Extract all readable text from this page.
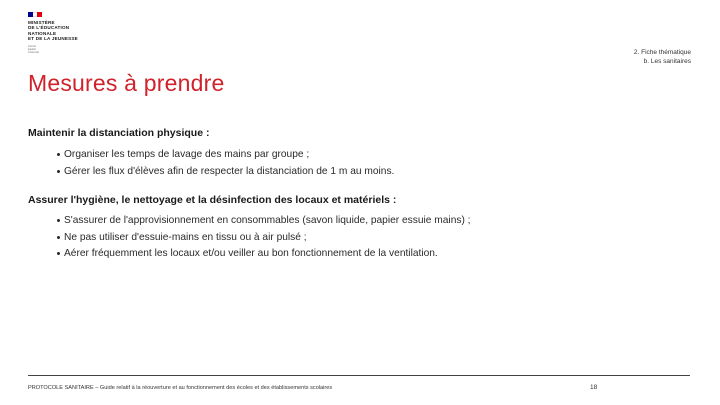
MINISTÈRE
DE L'ÉDUCATION
NATIONALE
ET DE LA JEUNESSE
Liberté
Égalité
Fraternité	2. Fiche thématique
b. Les sanitaires
Mesures à prendre
Maintenir la distanciation physique :
Organiser les temps de lavage des mains par groupe ;
Gérer les flux d'élèves afin de respecter la distanciation de 1 m au moins.
Assurer l'hygiène, le nettoyage et la désinfection des locaux et matériels :
S'assurer de l'approvisionnement en consommables (savon liquide, papier essuie mains) ;
Ne pas utiliser d'essuie-mains en tissu ou à air pulsé ;
Aérer fréquemment les locaux et/ou veiller au bon fonctionnement de la ventilation.
PROTOCOLE SANITAIRE – Guide relatif à la réouverture et au fonctionnement des écoles et des établissements scolaires	18
